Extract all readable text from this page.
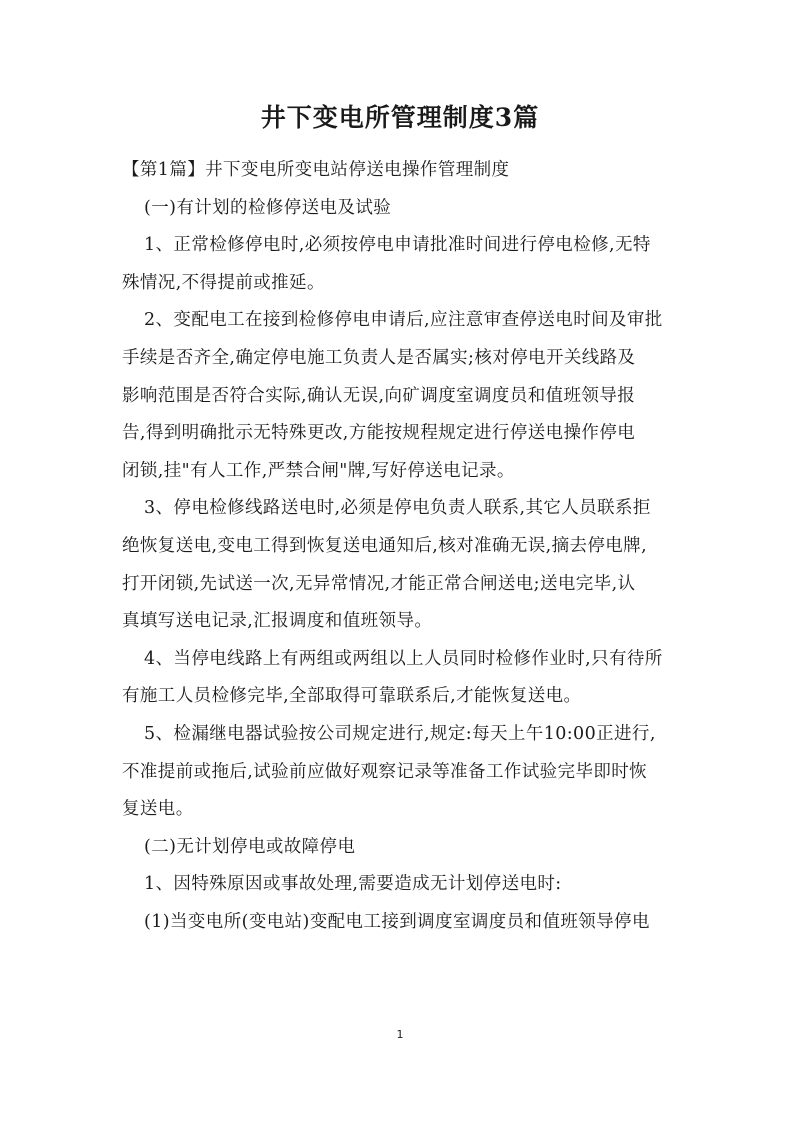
井下变电所管理制度3篇
【第1篇】井下变电所变电站停送电操作管理制度
(一)有计划的检修停送电及试验
1、正常检修停电时,必须按停电申请批准时间进行停电检修,无特
殊情况,不得提前或推延。
2、变配电工在接到检修停电申请后,应注意审查停送电时间及审批
手续是否齐全,确定停电施工负责人是否属实;核对停电开关线路及
影响范围是否符合实际,确认无误,向矿调度室调度员和值班领导报
告,得到明确批示无特殊更改,方能按规程规定进行停送电操作停电
闭锁,挂"有人工作,严禁合闸"牌,写好停送电记录。
3、停电检修线路送电时,必须是停电负责人联系,其它人员联系拒
绝恢复送电,变电工得到恢复送电通知后,核对准确无误,摘去停电牌,
打开闭锁,先试送一次,无异常情况,才能正常合闸送电;送电完毕,认
真填写送电记录,汇报调度和值班领导。
4、当停电线路上有两组或两组以上人员同时检修作业时,只有待所
有施工人员检修完毕,全部取得可靠联系后,才能恢复送电。
5、检漏继电器试验按公司规定进行,规定:每天上午10:00正进行,
不准提前或拖后,试验前应做好观察记录等准备工作试验完毕即时恢
复送电。
(二)无计划停电或故障停电
1、因特殊原因或事故处理,需要造成无计划停送电时:
(1)当变电所(变电站)变配电工接到调度室调度员和值班领导停电
1
